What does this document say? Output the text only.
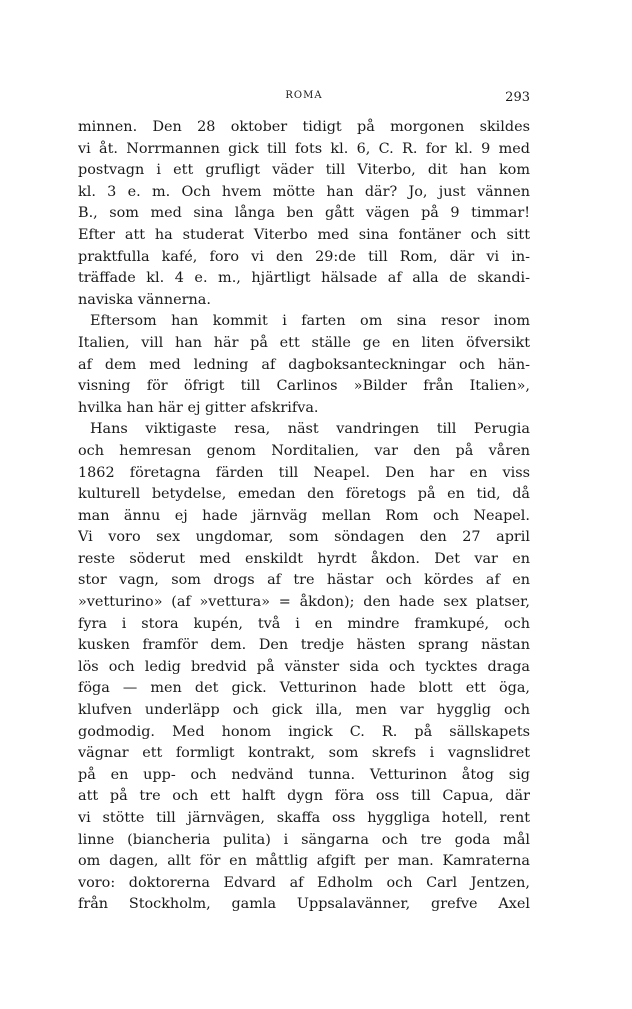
ROMA	293
minnen. Den 28 oktober tidigt på morgonen skildes
vi åt. Norrmannen gick till fots kl. 6, C. R. for kl. 9 med
postvagn i ett grufligt väder till Viterbo, dit han kom
kl. 3 e. m. Och hvem mötte han där? Jo, just vännen
B., som med sina långa ben gått vägen på 9 timmar!
Efter att ha studerat Viterbo med sina fontäner och sitt
praktfulla kafé, foro vi den 29:de till Rom, där vi in-
träffade kl. 4 e. m., hjärtligt hälsade af alla de skandi-
naviska vännerna.
Eftersom han kommit i farten om sina resor inom
Italien, vill han här på ett ställe ge en liten öfversikt
af dem med ledning af dagboksanteckningar och hän-
visning för öfrigt till Carlinos »Bilder från Italien»,
hvilka han här ej gitter afskrifva.
Hans viktigaste resa, näst vandringen till Perugia
och hemresan genom Norditalien, var den på våren
1862 företagna färden till Neapel. Den har en viss
kulturell betydelse, emedan den företogs på en tid, då
man ännu ej hade järnväg mellan Rom och Neapel.
Vi voro sex ungdomar, som söndagen den 27 april
reste söderut med enskildt hyrdt åkdon. Det var en
stor vagn, som drogs af tre hästar och kördes af en
»vetturino» (af »vettura» = åkdon); den hade sex platser,
fyra i stora kupén, två i en mindre framkupé, och
kusken framför dem. Den tredje hästen sprang nästan
lös och ledig bredvid på vänster sida och tycktes draga
föga — men det gick. Vetturinon hade blott ett öga,
klufven underläpp och gick illa, men var hygglig och
godmodig. Med honom ingick C. R. på sällskapets
vägnar ett formligt kontrakt, som skrefs i vagnslidret
på en upp- och nedvänd tunna. Vetturinon åtog sig
att på tre och ett halft dygn föra oss till Capua, där
vi stötte till järnvägen, skaffa oss hyggliga hotell, rent
linne (biancheria pulita) i sängarna och tre goda mål
om dagen, allt för en måttlig afgift per man. Kamraterna
voro: doktorerna Edvard af Edholm och Carl Jentzen,
från Stockholm, gamla Uppsalavänner, grefve Axel
